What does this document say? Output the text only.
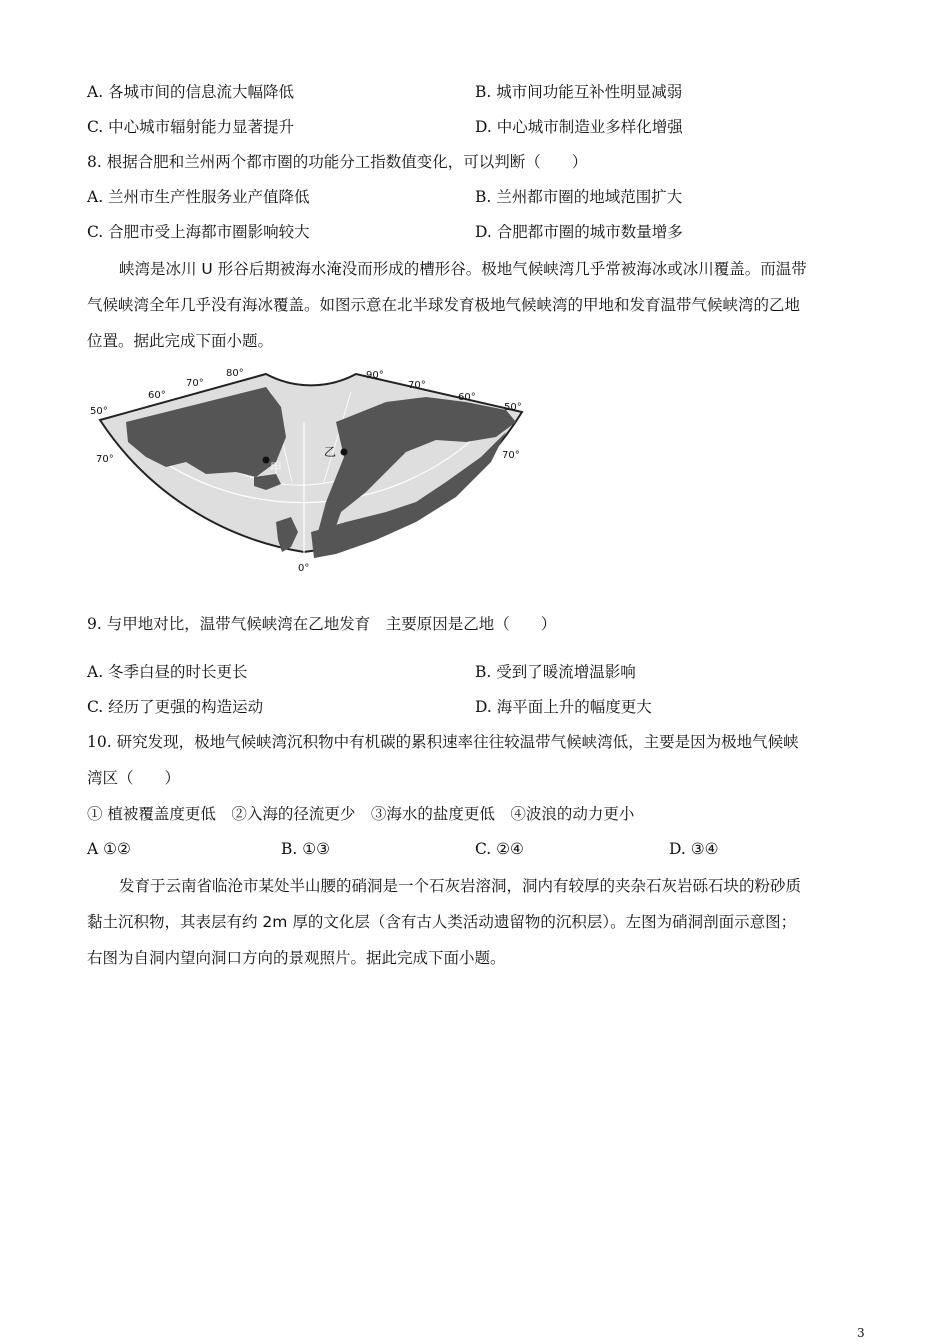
A. 各城市间的信息流大幅降低	B. 城市间功能互补性明显减弱
C. 中心城市辐射能力显著提升	D. 中心城市制造业多样化增强
8. 根据合肥和兰州两个都市圈的功能分工指数值变化，可以判断（　　）
A. 兰州市生产性服务业产值降低	B. 兰州都市圈的地域范围扩大
C. 合肥市受上海都市圈影响较大	D. 合肥都市圈的城市数量增多
峡湾是冰川 U 形谷后期被海水淹没而形成的槽形谷。极地气候峡湾几乎常被海冰或冰川覆盖。而温带
气候峡湾全年几乎没有海冰覆盖。如图示意在北半球发育极地气候峡湾的甲地和发育温带气候峡湾的乙地
位置。据此完成下面小题。
甲
乙
50°
60°
70°
80°	90°
70°
60°
50°
0°
70°	70°
9. 与甲地对比，温带气候峡湾在乙地发育　主要原因是乙地（　　）
A. 冬季白昼的时长更长	B. 受到了暖流增温影响
C. 经历了更强的构造运动	D. 海平面上升的幅度更大
10. 研究发现，极地气候峡湾沉积物中有机碳的累积速率往往较温带气候峡湾低，主要是因为极地气候峡
湾区（　　）
① 植被覆盖度更低　②入海的径流更少　③海水的盐度更低　④波浪的动力更小
A ①②	B. ①③	C. ②④	D. ③④
发育于云南省临沧市某处半山腰的硝洞是一个石灰岩溶洞，洞内有较厚的夹杂石灰岩砾石块的粉砂质
黏土沉积物，其表层有约 2m 厚的文化层（含有古人类活动遗留物的沉积层）。左图为硝洞剖面示意图；
右图为自洞内望向洞口方向的景观照片。据此完成下面小题。
3
